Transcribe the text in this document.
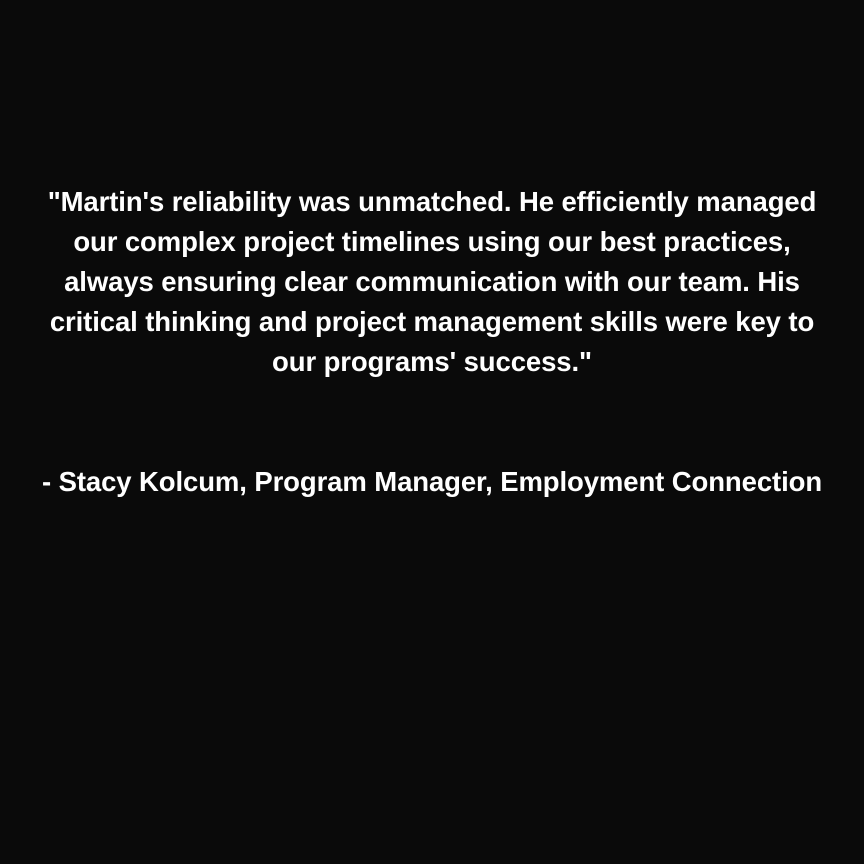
"Martin's reliability was unmatched. He efficiently managed our complex project timelines using our best practices, always ensuring clear communication with our team. His critical thinking and project management skills were key to our programs' success."

- Stacy Kolcum, Program Manager, Employment Connection
